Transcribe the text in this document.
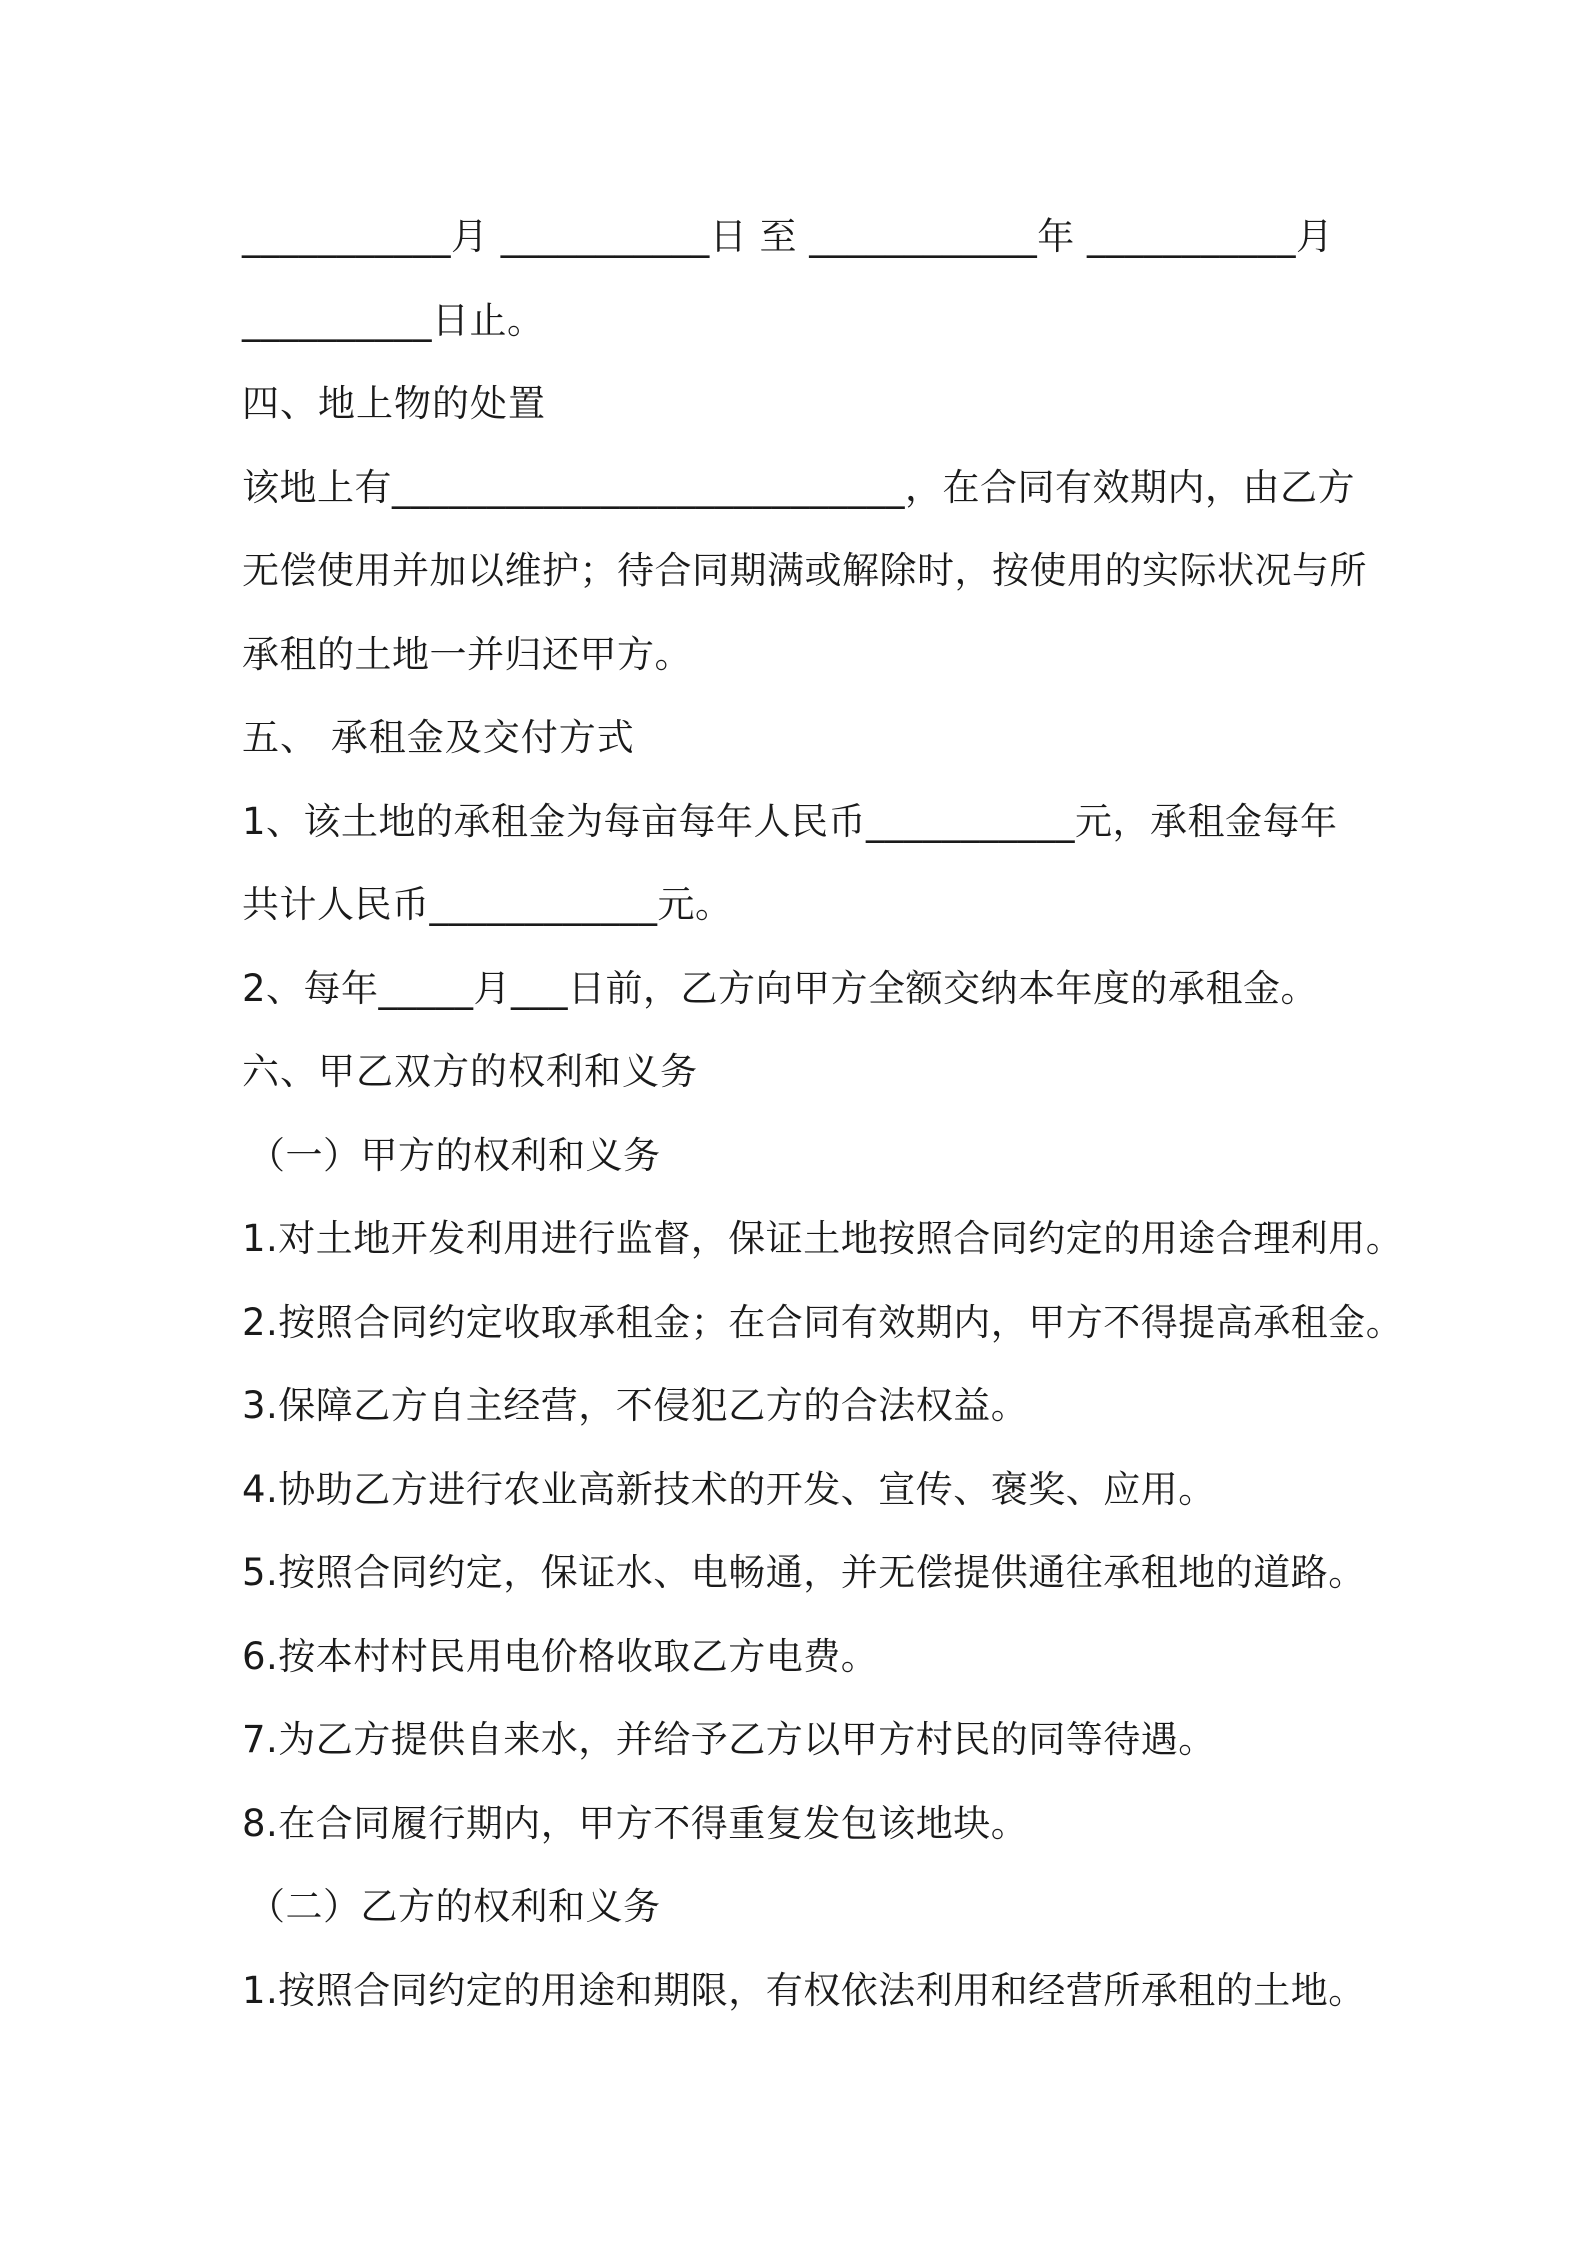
___________月 ___________日 至 ____________年 ___________月
__________日止。
四、地上物的处置
该地上有___________________________，在合同有效期内，由乙方
无偿使用并加以维护；待合同期满或解除时，按使用的实际状况与所
承租的土地一并归还甲方。
五、 承租金及交付方式
1、该土地的承租金为每亩每年人民币___________元，承租金每年
共计人民币____________元。
2、每年_____月___日前，乙方向甲方全额交纳本年度的承租金。
六、甲乙双方的权利和义务
（一）甲方的权利和义务
1.对土地开发利用进行监督，保证土地按照合同约定的用途合理利用。
2.按照合同约定收取承租金；在合同有效期内，甲方不得提高承租金。
3.保障乙方自主经营，不侵犯乙方的合法权益。
4.协助乙方进行农业高新技术的开发、宣传、褒奖、应用。
5.按照合同约定，保证水、电畅通，并无偿提供通往承租地的道路。
6.按本村村民用电价格收取乙方电费。
7.为乙方提供自来水，并给予乙方以甲方村民的同等待遇。
8.在合同履行期内，甲方不得重复发包该地块。
（二）乙方的权利和义务
1.按照合同约定的用途和期限，有权依法利用和经营所承租的土地。
